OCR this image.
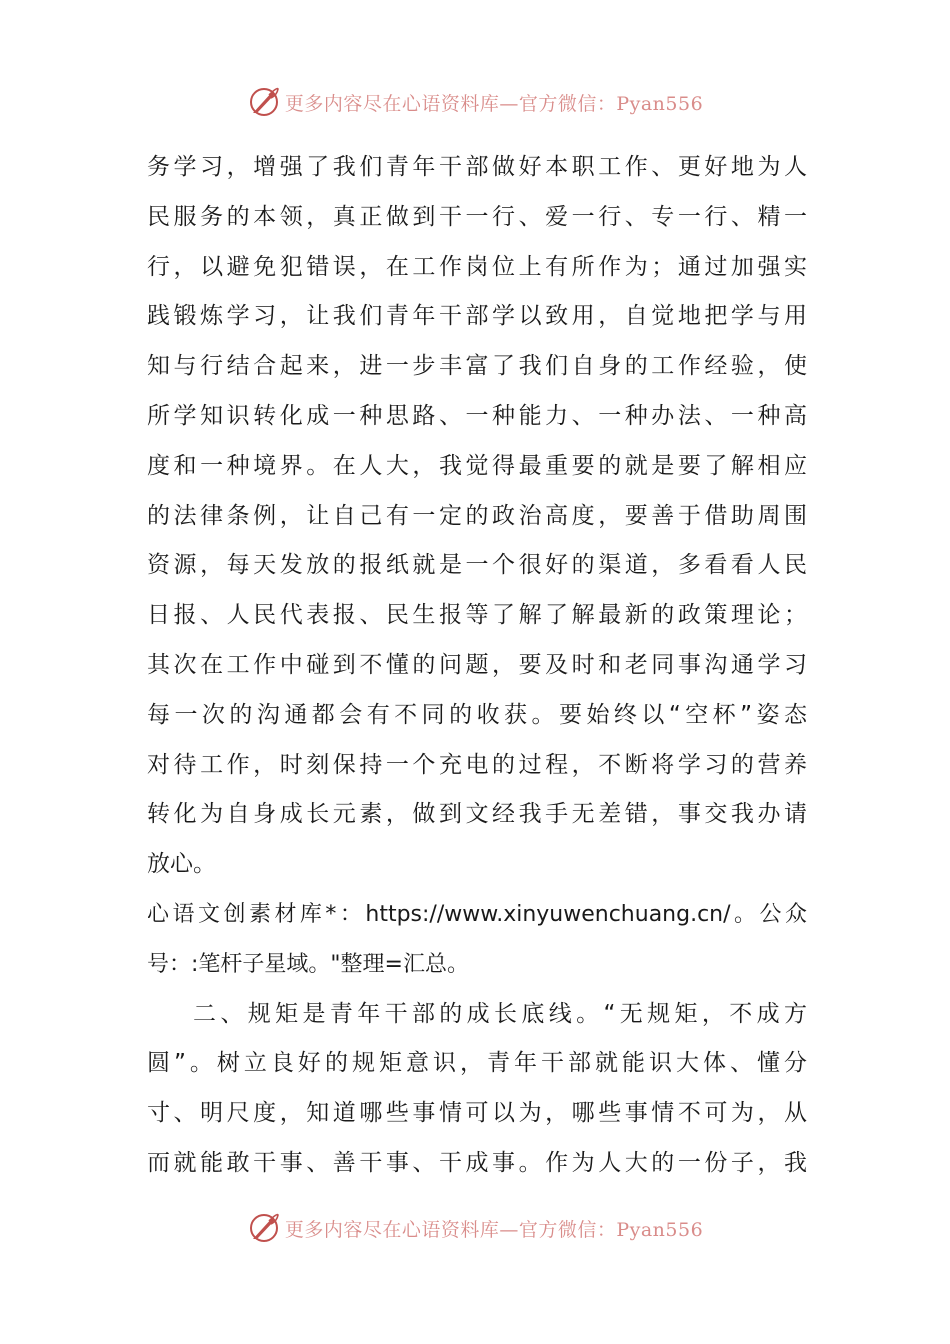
更多内容尽在心语资料库—官方微信：Pyan556
务学习，增强了我们青年干部做好本职工作、更好地为人
民服务的本领，真正做到干一行、爱一行、专一行、精一
行，以避免犯错误，在工作岗位上有所作为；通过加强实
践锻炼学习，让我们青年干部学以致用，自觉地把学与用
知与行结合起来，进一步丰富了我们自身的工作经验，使
所学知识转化成一种思路、一种能力、一种办法、一种高
度和一种境界。在人大，我觉得最重要的就是要了解相应
的法律条例，让自己有一定的政治高度，要善于借助周围
资源，每天发放的报纸就是一个很好的渠道，多看看人民
日报、人民代表报、民生报等了解了解最新的政策理论；
其次在工作中碰到不懂的问题，要及时和老同事沟通学习
每一次的沟通都会有不同的收获。要始终以“空杯”姿态
对待工作，时刻保持一个充电的过程，不断将学习的营养
转化为自身成长元素，做到文经我手无差错，事交我办请
放心。
心语文创素材库*：https://www.xinyuwenchuang.cn/。公众
号：:笔杆子星域。"整理=汇总。
二、规矩是青年干部的成长底线。“无规矩，不成方
圆”。树立良好的规矩意识，青年干部就能识大体、懂分
寸、明尺度，知道哪些事情可以为，哪些事情不可为，从
而就能敢干事、善干事、干成事。作为人大的一份子，我
更多内容尽在心语资料库—官方微信：Pyan556
